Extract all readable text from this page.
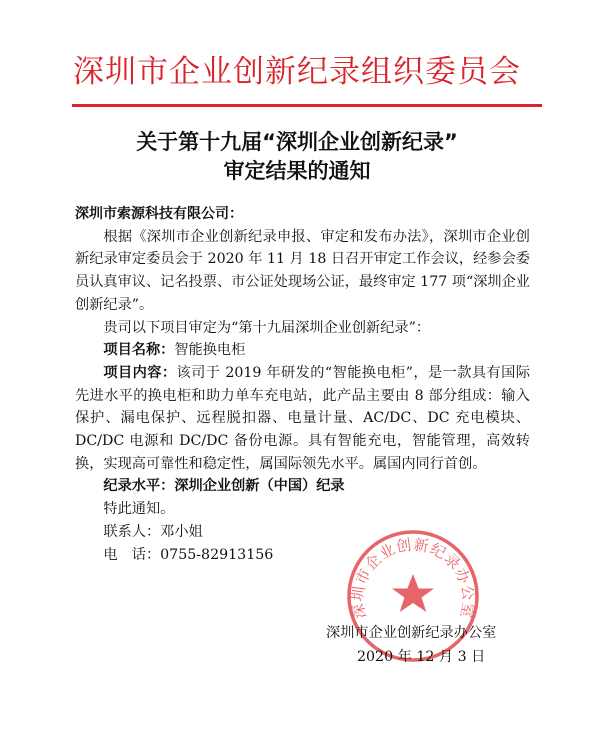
深圳市企业创新纪录组织委员会
关于第十九届“深圳企业创新纪录”
审定结果的通知

深圳市索源科技有限公司：

根据《深圳市企业创新纪录申报、审定和发布办法》，深圳市企业创新纪录审定委员会于 2020 年 11 月 18 日召开审定工作会议，经参会委员认真审议、记名投票、市公证处现场公证，最终审定 177 项“深圳企业创新纪录”。

贵司以下项目审定为“第十九届深圳企业创新纪录”：

项目名称：智能换电柜

项目内容：该司于 2019 年研发的“智能换电柜”，是一款具有国际先进水平的换电柜和助力单车充电站，此产品主要由 8 部分组成：输入保护、漏电保护、远程脱扣器、电量计量、AC/DC、DC 充电模块、DC/DC 电源和 DC/DC 备份电源。具有智能充电，智能管理，高效转换，实现高可靠性和稳定性，属国际领先水平。属国内同行首创。

纪录水平：深圳企业创新（中国）纪录

特此通知。

联系人：邓小姐

电　话：0755-82913156

深圳市企业创新纪录办公室
深圳市企业创新纪录办公室
2020 年 12 月 3 日
